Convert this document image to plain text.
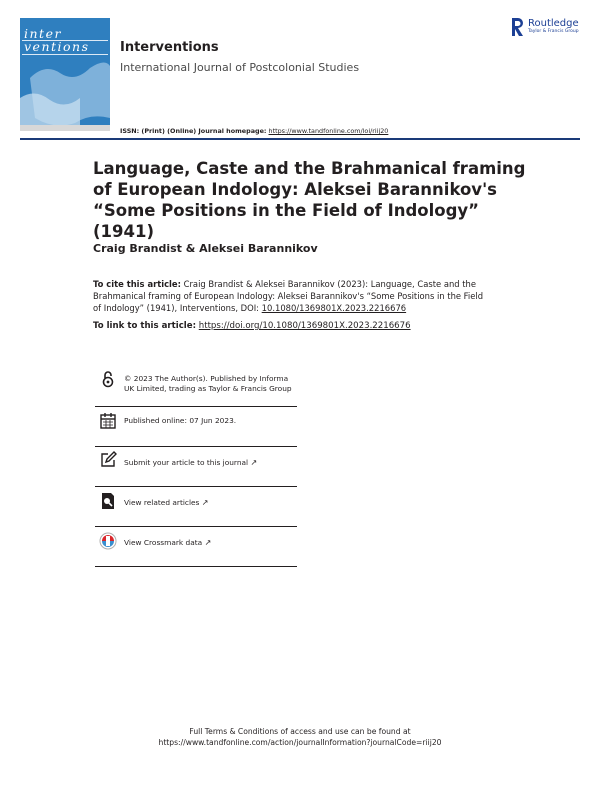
inter
ventions Interventions
International Journal of Postcolonial Studies
ISSN: (Print) (Online) Journal homepage: https://www.tandfonline.com/loi/riij20
Routledge
Taylor & Francis Group
Language, Caste and the Brahmanical framing of European Indology: Aleksei Barannikov's “Some Positions in the Field of Indology” (1941)
Craig Brandist & Aleksei Barannikov
To cite this article: Craig Brandist & Aleksei Barannikov (2023): Language, Caste and the Brahmanical framing of European Indology: Aleksei Barannikov's “Some Positions in the Field of Indology” (1941), Interventions, DOI: 10.1080/1369801X.2023.2216676
To link to this article: https://doi.org/10.1080/1369801X.2023.2216676
© 2023 The Author(s). Published by Informa UK Limited, trading as Taylor & Francis Group
Published online: 07 Jun 2023.
Submit your article to this journal ↗
View related articles ↗
View Crossmark data ↗
Full Terms & Conditions of access and use can be found at
https://www.tandfonline.com/action/journalInformation?journalCode=riij20
